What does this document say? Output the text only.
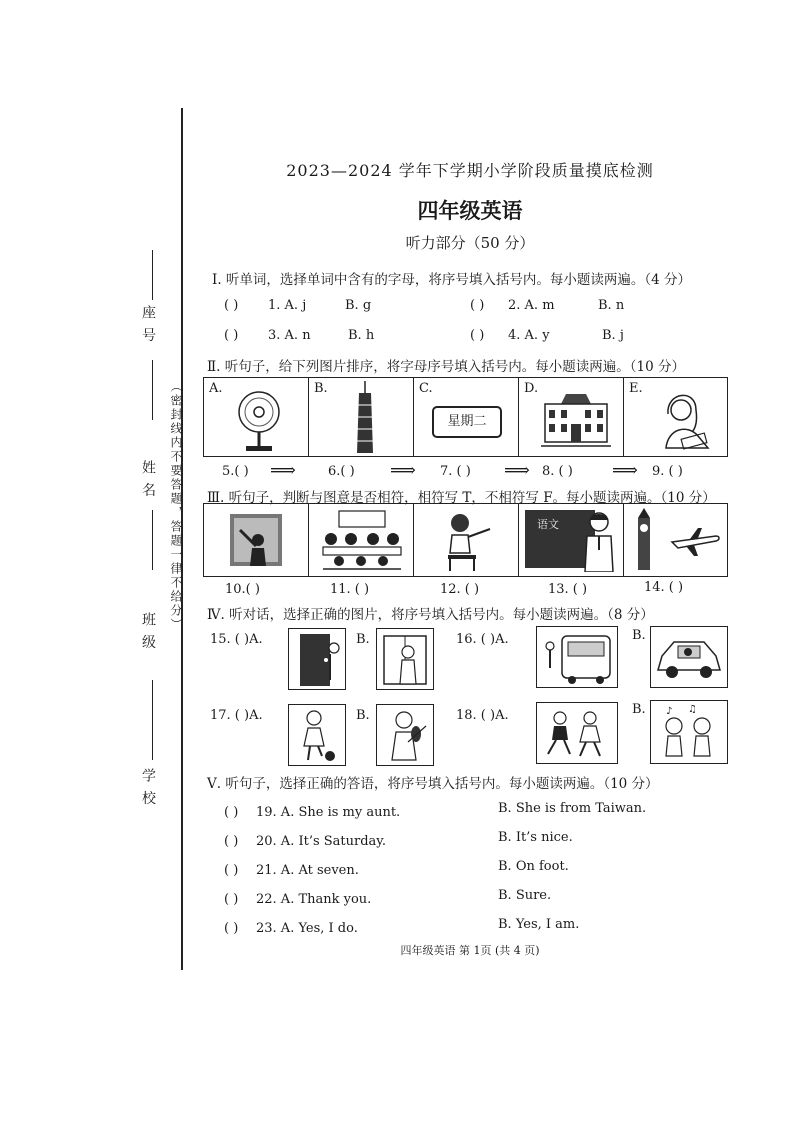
座 号
姓 名
班 级
学 校
（密封线内不要答题，答题一律不给分）
2023—2024 学年下学期小学阶段质量摸底检测
四年级英语
听力部分（50 分）
Ⅰ. 听单词，选择单词中含有的字母，将序号填入括号内。每小题读两遍。（4 分）
( ) 1. A. j	B. g	( ) 2. A. m	B. n
( ) 3. A. n	B. h	( ) 4. A. y	B. j
Ⅱ. 听句子，给下列图片排序，将字母序号填入括号内。每小题读两遍。（10 分）
A.	B.	C.
星期二
D.	E.
5.( ) ⟹ 6.( ) ⟹ 7. ( ) ⟹ 8. ( ) ⟹ 9. ( )
Ⅲ. 听句子，判断与图意是否相符，相符写 T，不相符写 F。每小题读两遍。（10 分）
语文
10.( )	11. ( )	12. ( )	13. ( )	14. ( )
Ⅳ. 听对话，选择正确的图片，将序号填入括号内。每小题读两遍。（8 分）
15. ( )A.	B.	16. ( )A.	B.
17. ( )A.	B.	18. ( )A.	B. ♪ ♫
Ⅴ. 听句子，选择正确的答语，将序号填入括号内。每小题读两遍。（10 分）
( ) 19. A. She is my aunt.	B. She is from Taiwan.
( ) 20. A. It’s Saturday.	B. It’s nice.
( ) 21. A. At seven.	B. On foot.
( ) 22. A. Thank you.	B. Sure.
( ) 23. A. Yes, I do.	B. Yes, I am.
四年级英语 第 1页 (共 4 页)
